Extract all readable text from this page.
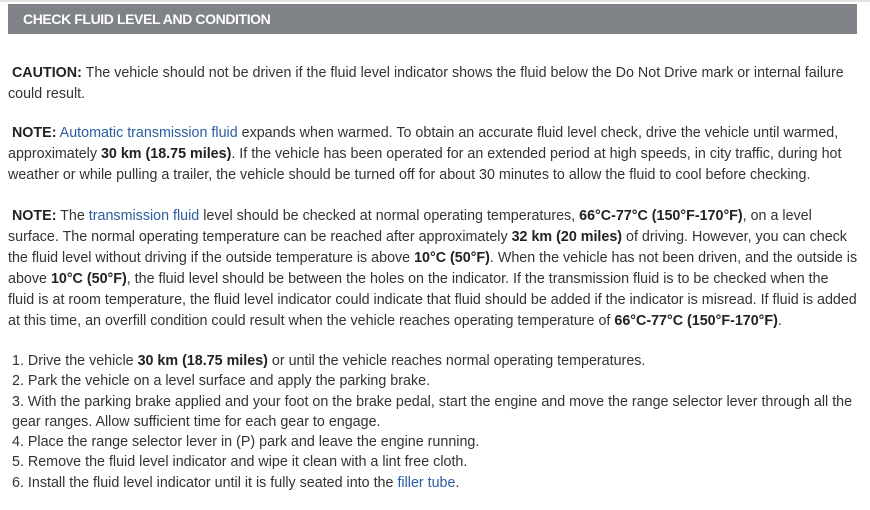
CHECK FLUID LEVEL AND CONDITION

CAUTION: The vehicle should not be driven if the fluid level indicator shows the fluid below the Do Not Drive mark or internal failure could result.

NOTE: Automatic transmission fluid expands when warmed. To obtain an accurate fluid level check, drive the vehicle until warmed, approximately 30 km (18.75 miles). If the vehicle has been operated for an extended period at high speeds, in city traffic, during hot weather or while pulling a trailer, the vehicle should be turned off for about 30 minutes to allow the fluid to cool before checking.

NOTE: The transmission fluid level should be checked at normal operating temperatures, 66°C-77°C (150°F-170°F), on a level surface. The normal operating temperature can be reached after approximately 32 km (20 miles) of driving. However, you can check the fluid level without driving if the outside temperature is above 10°C (50°F). When the vehicle has not been driven, and the outside is above 10°C (50°F), the fluid level should be between the holes on the indicator. If the transmission fluid is to be checked when the fluid is at room temperature, the fluid level indicator could indicate that fluid should be added if the indicator is misread. If fluid is added at this time, an overfill condition could result when the vehicle reaches operating temperature of 66°C-77°C (150°F-170°F).

1. Drive the vehicle 30 km (18.75 miles) or until the vehicle reaches normal operating temperatures.
2. Park the vehicle on a level surface and apply the parking brake.
3. With the parking brake applied and your foot on the brake pedal, start the engine and move the range selector lever through all the gear ranges. Allow sufficient time for each gear to engage.
4. Place the range selector lever in (P) park and leave the engine running.
5. Remove the fluid level indicator and wipe it clean with a lint free cloth.
6. Install the fluid level indicator until it is fully seated into the filler tube.
